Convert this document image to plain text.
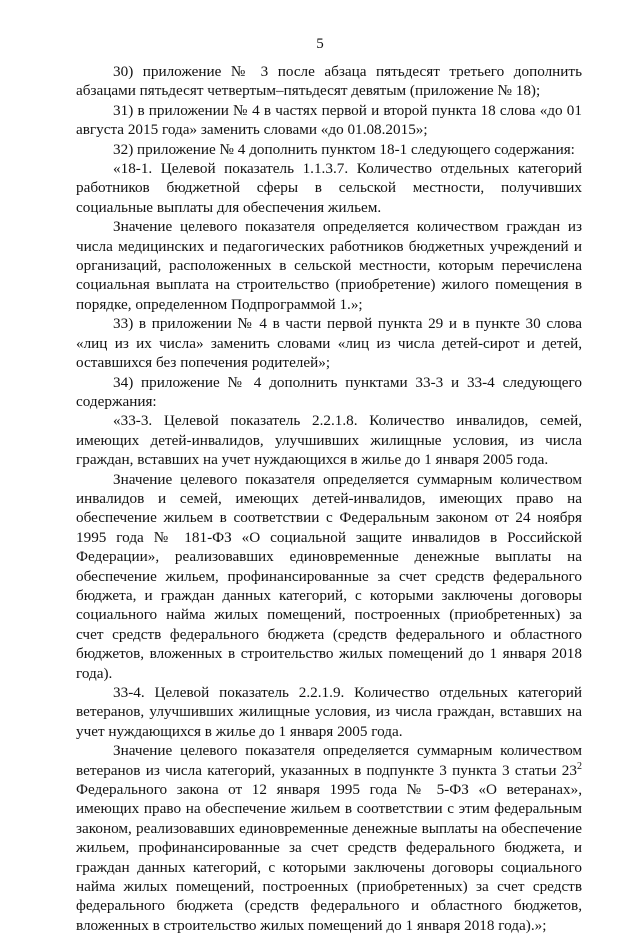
5

30) приложение № 3 после абзаца пятьдесят третьего дополнить абзацами пятьдесят четвертым–пятьдесят девятым (приложение № 18);

31) в приложении № 4 в частях первой и второй пункта 18 слова «до 01 августа 2015 года» заменить словами «до 01.08.2015»;

32) приложение № 4 дополнить пунктом 18-1 следующего содержания:

«18-1. Целевой показатель 1.1.3.7. Количество отдельных категорий работников бюджетной сферы в сельской местности, получивших социальные выплаты для обеспечения жильем.

Значение целевого показателя определяется количеством граждан из числа медицинских и педагогических работников бюджетных учреждений и организаций, расположенных в сельской местности, которым перечислена социальная выплата на строительство (приобретение) жилого помещения в порядке, определенном Подпрограммой 1.»;

33) в приложении № 4 в части первой пункта 29 и в пункте 30 слова «лиц из их числа» заменить словами «лиц из числа детей-сирот и детей, оставшихся без попечения родителей»;

34) приложение № 4 дополнить пунктами 33-3 и 33-4 следующего содержания:

«33-3. Целевой показатель 2.2.1.8. Количество инвалидов, семей, имеющих детей-инвалидов, улучшивших жилищные условия, из числа граждан, вставших на учет нуждающихся в жилье до 1 января 2005 года.

Значение целевого показателя определяется суммарным количеством инвалидов и семей, имеющих детей-инвалидов, имеющих право на обеспечение жильем в соответствии с Федеральным законом от 24 ноября 1995 года № 181-ФЗ «О социальной защите инвалидов в Российской Федерации», реализовавших единовременные денежные выплаты на обеспечение жильем, профинансированные за счет средств федерального бюджета, и граждан данных категорий, с которыми заключены договоры социального найма жилых помещений, построенных (приобретенных) за счет средств федерального бюджета (средств федерального и областного бюджетов, вложенных в строительство жилых помещений до 1 января 2018 года).

33-4. Целевой показатель 2.2.1.9. Количество отдельных категорий ветеранов, улучшивших жилищные условия, из числа граждан, вставших на учет нуждающихся в жилье до 1 января 2005 года.

Значение целевого показателя определяется суммарным количеством ветеранов из числа категорий, указанных в подпункте 3 пункта 3 статьи $23^2$ Федерального закона от 12 января 1995 года № 5-ФЗ «О ветеранах», имеющих право на обеспечение жильем в соответствии с этим федеральным законом, реализовавших единовременные денежные выплаты на обеспечение жильем, профинансированные за счет средств федерального бюджета, и граждан данных категорий, с которыми заключены договоры социального найма жилых помещений, построенных (приобретенных) за счет средств федерального бюджета (средств федерального и областного бюджетов, вложенных в строительство жилых помещений до 1 января 2018 года).»;
